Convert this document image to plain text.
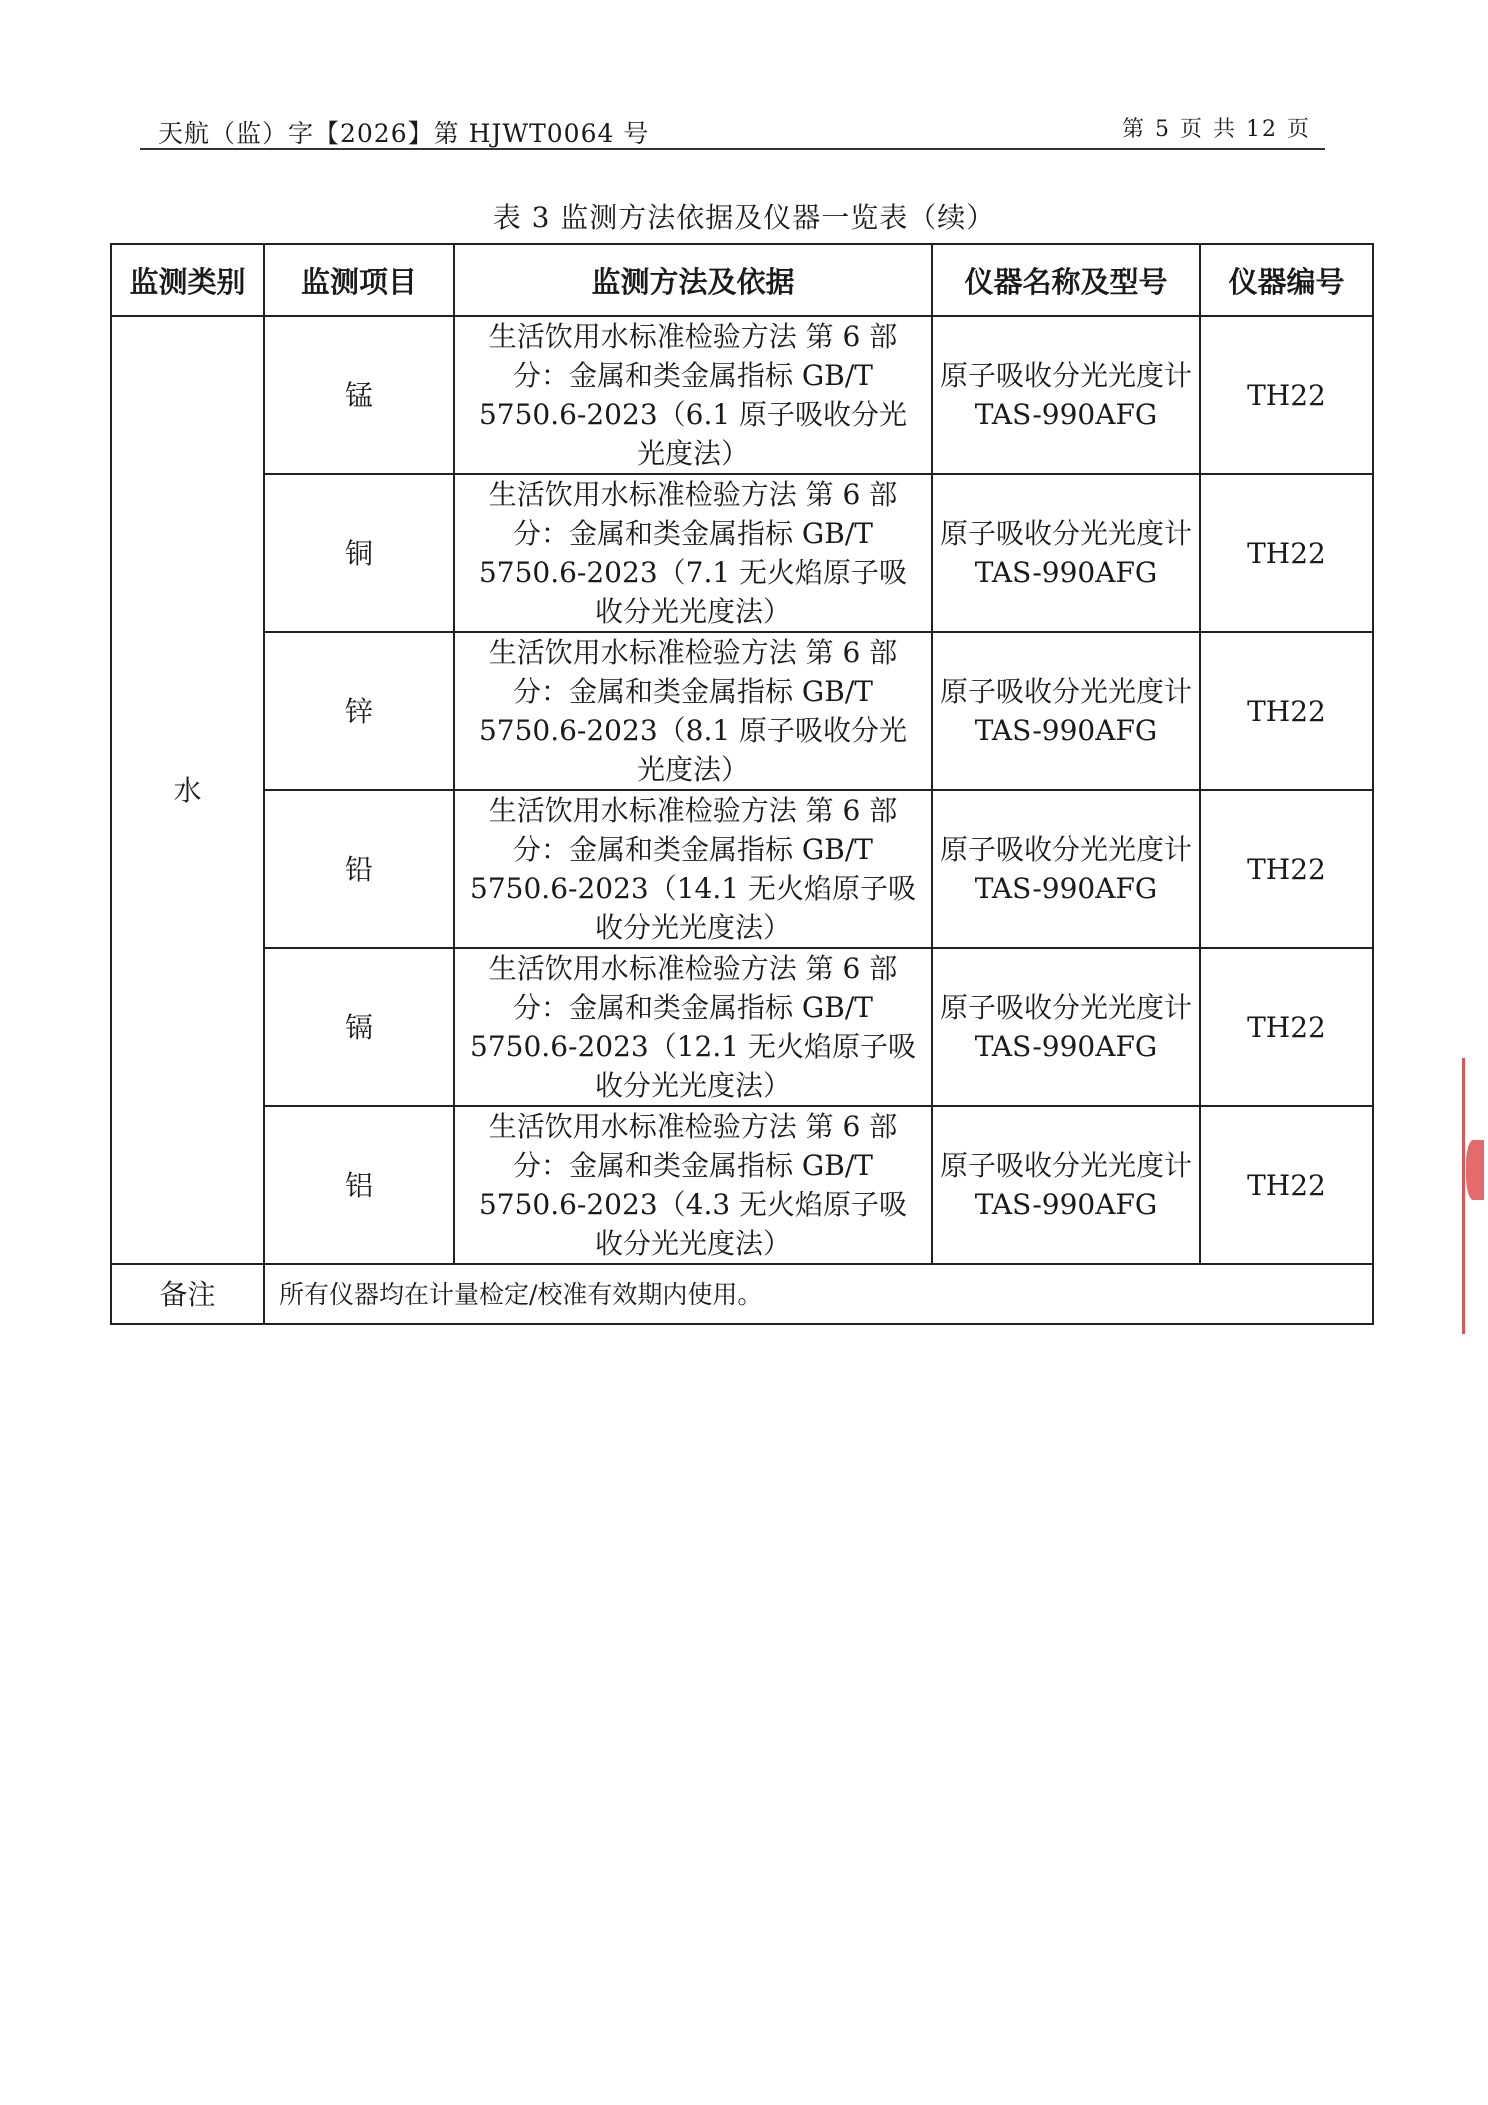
天航（监）字【2026】第 HJWT0064 号	第 5 页 共 12 页
表 3 监测方法依据及仪器一览表（续）
监测类别	监测项目	监测方法及依据	仪器名称及型号	仪器编号
水	锰	生活饮用水标准检验方法 第 6 部分：金属和类金属指标 GB/T 5750.6-2023（6.1 原子吸收分光光度法）	原子吸收分光光度计 TAS-990AFG	TH22
	铜	生活饮用水标准检验方法 第 6 部分：金属和类金属指标 GB/T 5750.6-2023（7.1 无火焰原子吸收分光光度法）	原子吸收分光光度计 TAS-990AFG	TH22
	锌	生活饮用水标准检验方法 第 6 部分：金属和类金属指标 GB/T 5750.6-2023（8.1 原子吸收分光光度法）	原子吸收分光光度计 TAS-990AFG	TH22
	铅	生活饮用水标准检验方法 第 6 部分：金属和类金属指标 GB/T 5750.6-2023（14.1 无火焰原子吸收分光光度法）	原子吸收分光光度计 TAS-990AFG	TH22
	镉	生活饮用水标准检验方法 第 6 部分：金属和类金属指标 GB/T 5750.6-2023（12.1 无火焰原子吸收分光光度法）	原子吸收分光光度计 TAS-990AFG	TH22
	铝	生活饮用水标准检验方法 第 6 部分：金属和类金属指标 GB/T 5750.6-2023（4.3 无火焰原子吸收分光光度法）	原子吸收分光光度计 TAS-990AFG	TH22
备注	所有仪器均在计量检定/校准有效期内使用。			
